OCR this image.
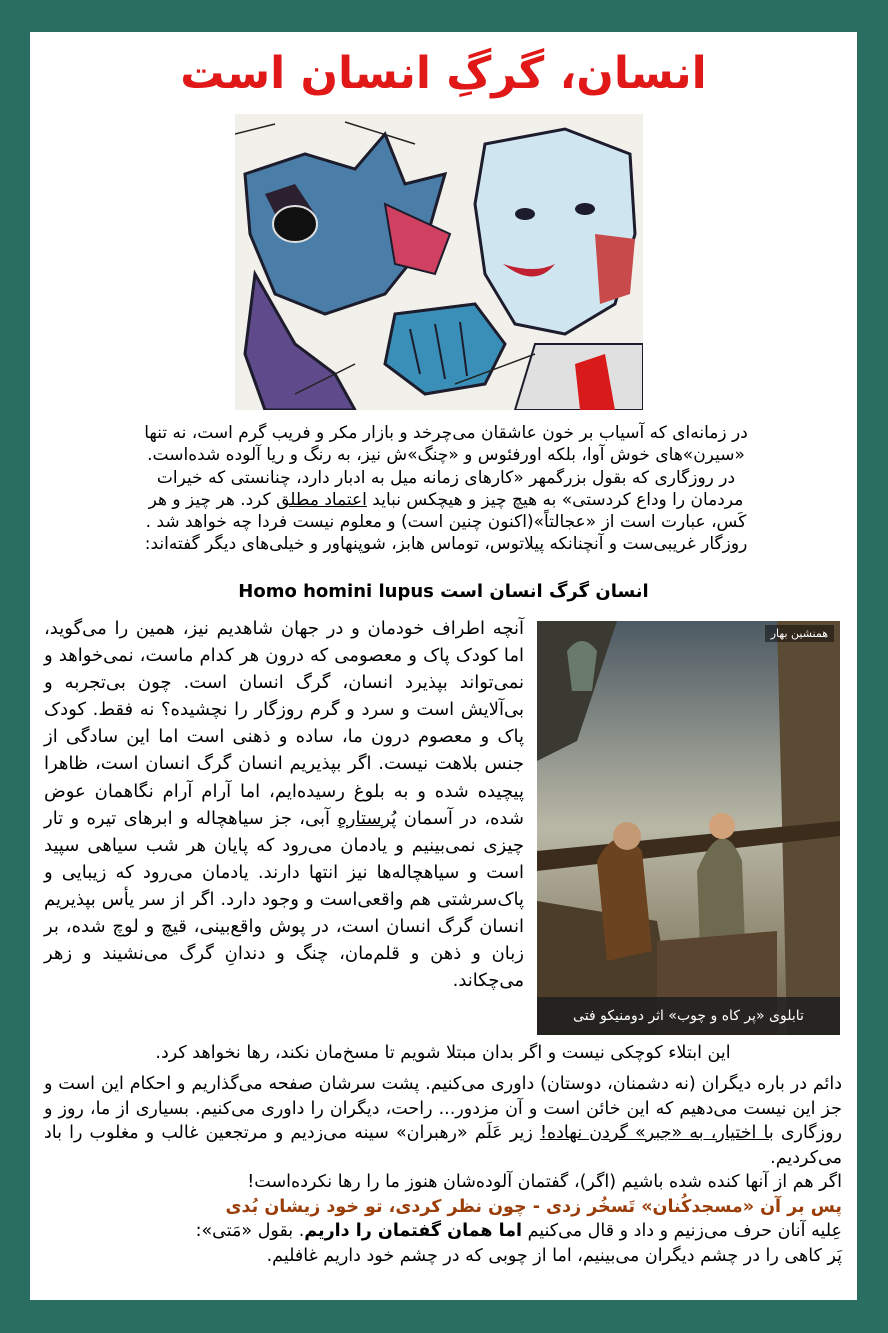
انسان، گرگِ انسان است

در زمانه‌ای که آسیاب بر خون عاشقان می‌چرخد و بازار مکر و فریب گرم است، نه تنها

«سیرن»های خوش آوا، بلکه اورفئوس و «چنگ»ش نیز، به رنگ و ریا آلوده شده‌است.

در روزگاری که بقول بزرگمهر «کارهای زمانه میل به ادبار دارد، چنانستی که خیرات

مردمان را وداع کردستی» به هیچ چیز و هیچکس نباید اعتماد مطلق کرد. هر چیز و هر

کَس، عبارت است از «عجالتاً»(اکنون چنین است) و معلوم نیست فردا چه خواهد شد .

روزگار غریبی‌ست و آنچنانکه پیلاتوس، توماس هابز، شوپنهاور و خیلی‌های دیگر گفته‌اند:

انسان گرگ انسان است Homo homini lupus
همنشین بهار
تابلوی «پر کاه و چوب» اثر دومنیکو فتی

آنچه اطراف خودمان و در جهان شاهدیم نیز، همین را می‌گوید، اما کودک پاک و معصومی که درون هر کدام ماست، نمی‌خواهد و نمی‌تواند بپذیرد انسان، گرگ انسان است. چون بی‌تجربه و بی‌آلایش است و سرد و گرم روزگار را نچشیده؟ نه فقط. کودک پاک و معصوم درون ما، ساده و ذهنی است اما این سادگی از جنس بلاهت نیست. اگر بپذیریم انسان گرگ انسان است، ظاهرا پیچیده شده و به بلوغ رسیده‌ایم، اما آرام آرام نگاهمان عوض شده، در آسمان پُرستارهِ آبی، جز سیاهچاله و ابرهای تیره و تار چیزی نمی‌بینیم و یادمان می‌رود که پایان هر شب سیاهی سپید است و سیاهچاله‌ها نیز انتها دارند. یادمان می‌رود که زیبایی و پاک‌سرشتی هم واقعی‌است و وجود دارد. اگر از سر یأس بپذیریم انسان گرگ انسان است، در پوش واقع‌بینی، قیچ و لوچ شده، بر زبان و ذهن و قلم‌مان، چنگ و دندانِ گرگ می‌نشیند و زهر می‌چکاند.

این ابتلاء کوچکی نیست و اگر بدان مبتلا شویم تا مسخ‌مان نکند، رها نخواهد کرد.

دائم در باره دیگران (نه دشمنان، دوستان) داوری می‌کنیم. پشت سرشان صفحه می‌گذاریم و احکام این است و جز این نیست می‌دهیم که این خائن است و آن مزدور... راحت، دیگران را داوری می‌کنیم. بسیاری از ما، روز و روزگاری با اختیار، به «جبر» گردن نهاده! زیر عَلَم «رهبران» سینه می‌زدیم و مرتجعین غالب و مغلوب را باد می‌کردیم.

اگر هم از آنها کنده شده باشیم (اگر)، گفتمان آلوده‌شان هنوز ما را رها نکرده‌است!

پس بر آن «مسجدکُنان» تَسخُر زدی - چون نظر کردی، تو خود زیشان بُدی

عِلیه آنان حرف می‌زنیم و داد و قال می‌کنیم اما همان گفتمان را داریم. بقول «مَتی»:

پَر کاهی را در چشم دیگران می‌بینیم، اما از چوبی که در چشم خود داریم غافلیم.
